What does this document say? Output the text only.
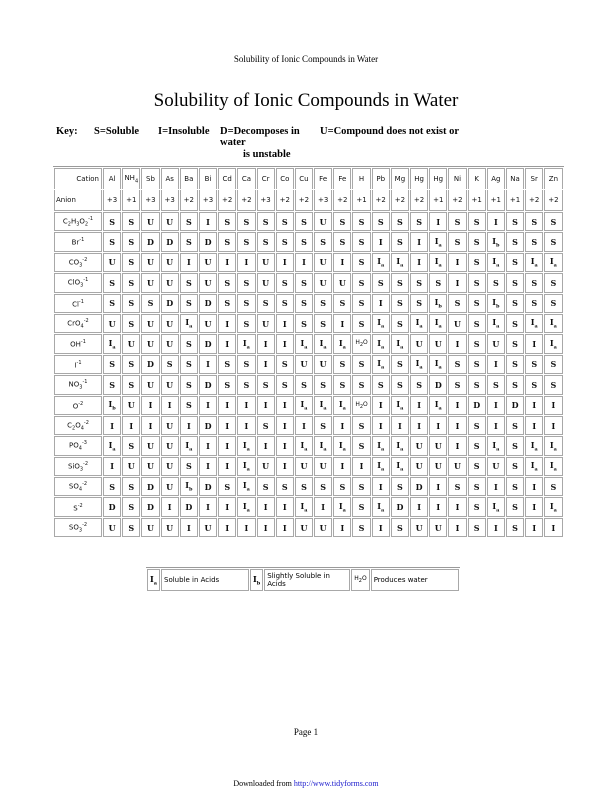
Solubility of Ionic Compounds in Water
Solubility of Ionic Compounds in Water
Key:	S=Soluble	I=Insoluble D=Decomposes in water
U=Compound does not exist or
is unstable
Cation	Al	$NH_4$	Sb	As	Ba	Bi	Cd	Ca	Cr	Co	Cu	Fe	Fe	H	Pb	Mg	Hg	Hg	Ni	K	Ag	Na	Sr	Zn
Anion	+3	+1	+3	+3	+2	+3	+2	+2	+3	+2	+2	+3	+2	+1	+2	+2	+2	+1	+2	+1	+1	+1	+2	+2
$C_2H_3O_2^{-1}$	S	S	U	U	S	I	S	S	S	S	S	U	S	S	S	S	S	I	S	S	I	S	S	S
$Br^{-1}$	S	S	D	D	S	D	S	S	S	S	S	S	S	S	I	S	I	$I_a$	S	S	$I_b$	S	S	S
$CO_3^{-2}$	U	S	U	U	I	U	I	I	U	I	I	U	I	S	$I_a$	$I_a$	I	$I_a$	I	S	$I_a$	S	$I_a$	$I_a$
ClO$_3^{-1}$	S	S	U	U	S	U	S	S	U	S	S	U	U	S	S	S	S	S	I	S	S	S	S	S
$Cl^{-1}$	S	S	S	D	S	D	S	S	S	S	S	S	S	S	I	S	S	$I_b$	S	S	$I_b$	S	S	S
CrO$_4^{-2}$	U	S	U	U	$I_a$	U	I	S	U	I	S	S	I	S	$I_a$	S	$I_a$	$I_a$	U	S	$I_a$	S	$I_a$	$I_a$
$OH^{-1}$	$I_a$	U	U	U	S	D	I	$I_a$	I	I	$I_a$	$I_a$	$I_a$	$H_2O$	$I_a$	$I_a$	U	U	I	S	U	S	I	$I_a$
$I^{-1}$	S	S	D	S	S	I	S	S	I	S	U	U	S	S	$I_a$	S	$I_a$	$I_a$	S	S	I	S	S	S
$NO_3^{-1}$	S	S	U	U	S	D	S	S	S	S	S	S	S	S	S	S	S	D	S	S	S	S	S	S
$O^{-2}$	$I_b$	U	I	I	S	I	I	I	I	I	$I_a$	$I_a$	$I_a$	$H_2O$	I	$I_a$	I	$I_a$	I	D	I	D	I	I
$C_2O_4^{-2}$	I	I	I	U	I	D	I	I	S	I	I	S	I	S	I	I	I	I	I	S	I	S	I	I
$PO_4^{-3}$	$I_a$	S	U	U	$I_a$	I	I	$I_a$	I	I	$I_a$	$I_a$	$I_a$	S	$I_a$	$I_a$	U	U	I	S	$I_a$	S	$I_a$	$I_a$
SiO$_3^{-2}$	I	U	U	U	S	I	I	$I_a$	U	I	U	U	I	I	$I_a$	$I_a$	U	U	U	S	U	S	$I_a$	$I_a$
$SO_4^{-2}$	S	S	D	U	$I_b$	D	S	$I_a$	S	S	S	S	S	S	I	S	D	I	S	S	I	S	I	S
$S^{-2}$	D	S	D	I	D	I	I	$I_a$	I	I	$I_a$	I	$I_a$	S	$I_a$	D	I	I	I	S	$I_a$	S	I	$I_a$
$SO_3^{-2}$	U	S	U	U	I	U	I	I	I	I	U	U	I	S	I	S	U	U	I	S	I	S	I	I
$I_a$	Soluble in Acids	$I_b$	Slightly Soluble in Acids	$H_2O$	Produces water
Page 1
Downloaded from http://www.tidyforms.com
